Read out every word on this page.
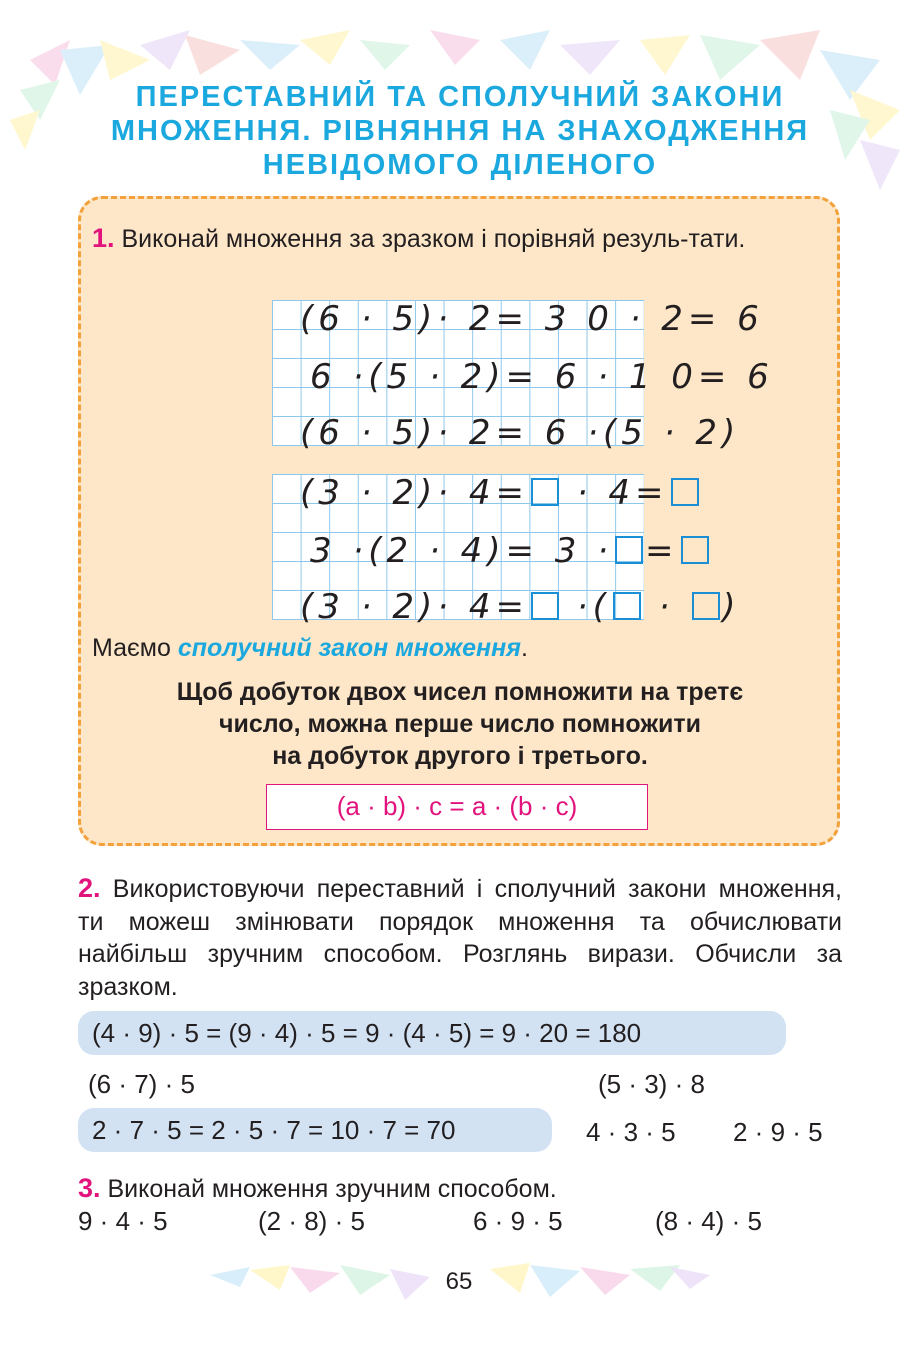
ПЕРЕСТАВНИЙ ТА СПОЛУЧНИЙ ЗАКОНИ
МНОЖЕННЯ. РІВНЯННЯ НА ЗНАХОДЖЕННЯ
НЕВІДОМОГО ДІЛЕНОГО
1. Виконай множення за зразком і порівняй резуль-тати.
(6 · 5)· 2= 3 0 · 2= 6
6 ·(5 · 2)= 6 · 1 0= 6
(6 · 5)· 2= 6 ·(5 · 2)
(3 · 2)· 4= · 4=
3 ·(2 · 4)= 3 · =
(3 · 2)· 4= ·( · )
Маємо сполучний закон множення.
Щоб добуток двох чисел помножити на третє
число, можна перше число помножити
на добуток другого і третього.
(a · b) · c = a · (b · c)
2. Використовуючи переставний і сполучний закони множення, ти можеш змінювати порядок множення та обчислювати найбільш зручним способом. Розглянь вирази. Обчисли за зразком.
(4 · 9) · 5 = (9 · 4) · 5 = 9 · (4 · 5) = 9 · 20 = 180
(6 · 7) · 5	(5 · 3) · 8
2 · 7 · 5 = 2 · 5 · 7 = 10 · 7 = 70	4 · 3 · 5 2 · 9 · 5
3. Виконай множення зручним способом.
9 · 4 · 5	(2 · 8) · 5	6 · 9 · 5	(8 · 4) · 5
65
